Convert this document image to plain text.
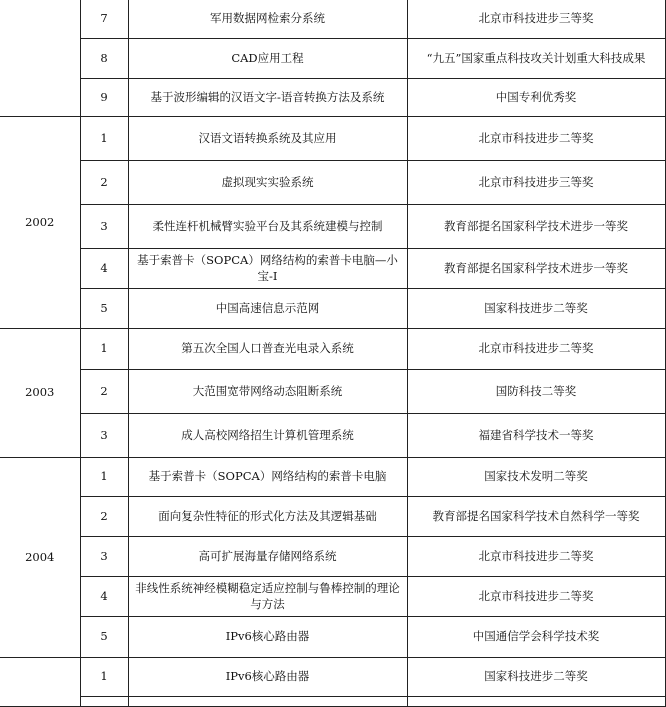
	7	军用数据网检索分系统	北京市科技进步三等奖
	8	CAD应用工程	“九五”国家重点科技攻关计划重大科技成果
	9	基于波形编辑的汉语文字-语音转换方法及系统	中国专利优秀奖
2002	1	汉语文语转换系统及其应用	北京市科技进步二等奖
	2	虚拟现实实验系统	北京市科技进步三等奖
	3	柔性连杆机械臂实验平台及其系统建模与控制	教育部提名国家科学技术进步一等奖
	4	基于索普卡（SOPCA）网络结构的索普卡电脑—小宝-Ⅰ	教育部提名国家科学技术进步一等奖
	5	中国高速信息示范网	国家科技进步二等奖
2003	1	第五次全国人口普查光电录入系统	北京市科技进步二等奖
	2	大范围宽带网络动态阻断系统	国防科技二等奖
	3	成人高校网络招生计算机管理系统	福建省科学技术一等奖
2004	1	基于索普卡（SOPCA）网络结构的索普卡电脑	国家技术发明二等奖
	2	面向复杂性特征的形式化方法及其逻辑基础	教育部提名国家科学技术自然科学一等奖
	3	高可扩展海量存储网络系统	北京市科技进步二等奖
	4	非线性系统神经模糊稳定适应控制与鲁棒控制的理论与方法	北京市科技进步二等奖
	5	IPv6核心路由器	中国通信学会科学技术奖
	1	IPv6核心路由器	国家科技进步二等奖
